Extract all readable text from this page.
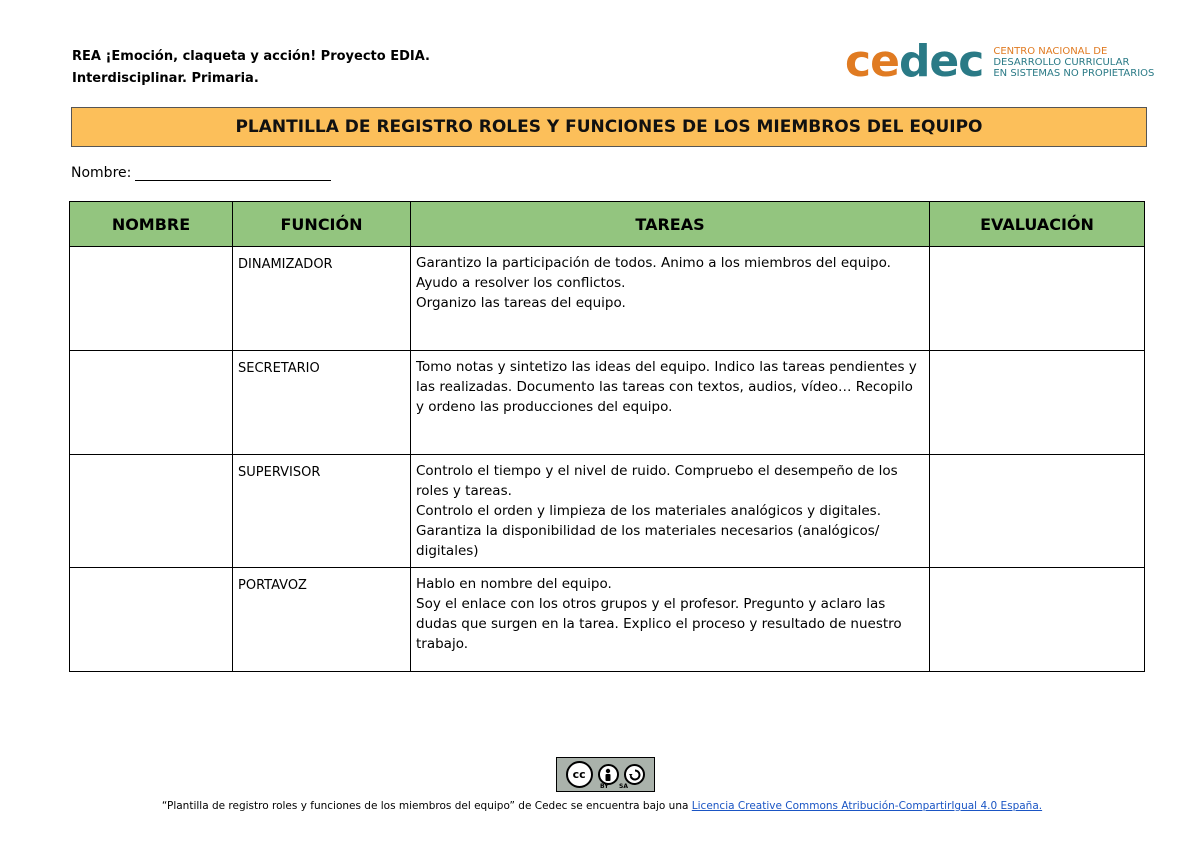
REA ¡Emoción, claqueta y acción! Proyecto EDIA.
Interdisciplinar. Primaria.	cedec CENTRO NACIONAL DE
DESARROLLO CURRICULAR
EN SISTEMAS NO PROPIETARIOS
PLANTILLA DE REGISTRO ROLES Y FUNCIONES DE LOS MIEMBROS DEL EQUIPO
Nombre:
NOMBRE	FUNCIÓN	TAREAS	EVALUACIÓN
	DINAMIZADOR	Garantizo la participación de todos. Animo a los miembros del equipo.
Ayudo a resolver los conflictos.
Organizo las tareas del equipo.	

	SECRETARIO	Tomo notas y sintetizo las ideas del equipo. Indico las tareas pendientes y las realizadas. Documento las tareas con textos, audios, vídeo… Recopilo y ordeno las producciones del equipo.	

	SUPERVISOR	Controlo el tiempo y el nivel de ruido. Compruebo el desempeño de los roles y tareas.
Controlo el orden y limpieza de los materiales analógicos y digitales.
Garantiza la disponibilidad de los materiales necesarios (analógicos/ digitales)	

	PORTAVOZ	Hablo en nombre del equipo.
Soy el enlace con los otros grupos y el profesor. Pregunto y aclaro las dudas que surgen en la tarea. Explico el proceso y resultado de nuestro trabajo.	

cc
BY SA
“Plantilla de registro roles y funciones de los miembros del equipo” de Cedec se encuentra bajo una Licencia Creative Commons Atribución-CompartirIgual 4.0 España.
